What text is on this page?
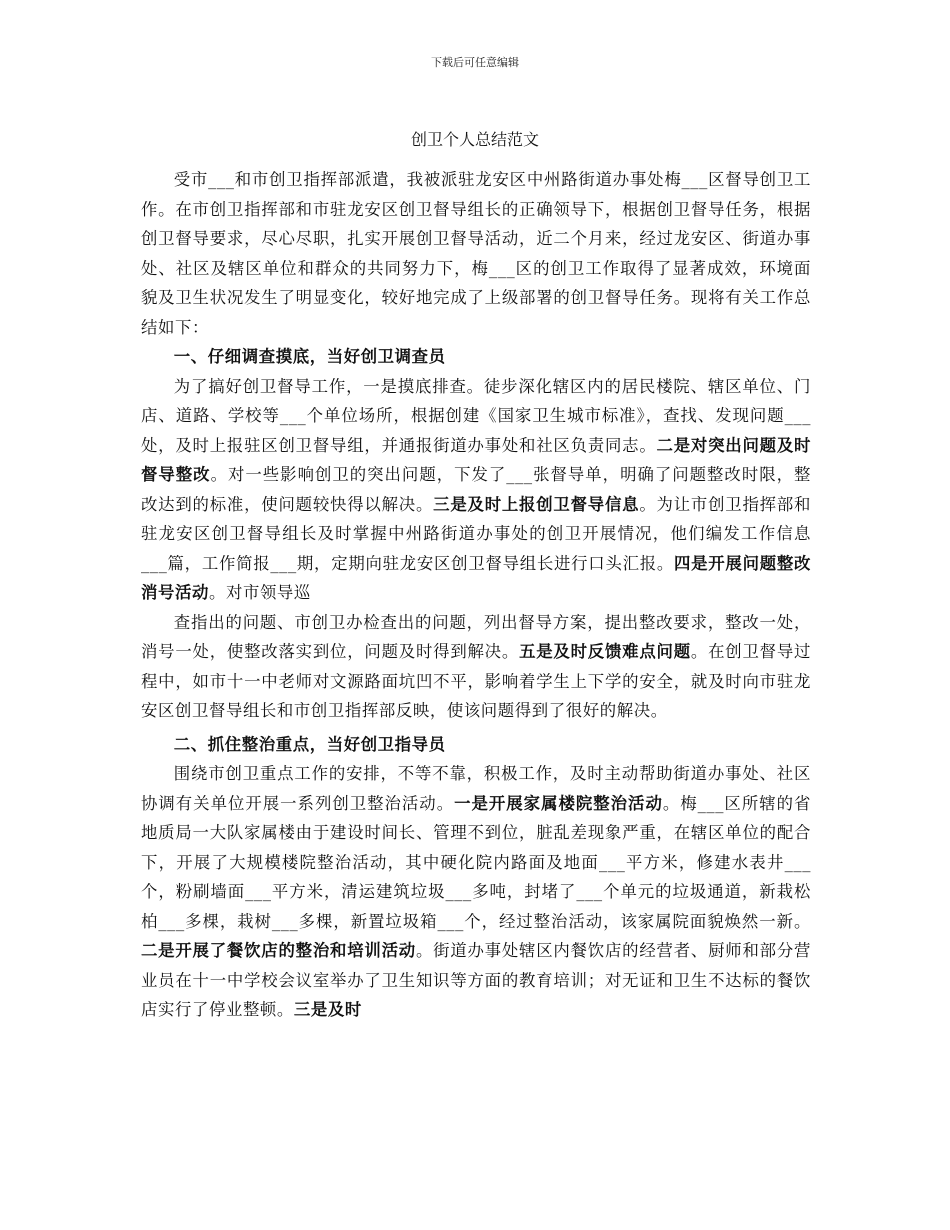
下载后可任意编辑
创卫个人总结范文

受市___和市创卫指挥部派遣，我被派驻龙安区中州路街道办事处梅___区督导创卫工作。在市创卫指挥部和市驻龙安区创卫督导组长的正确领导下，根据创卫督导任务，根据创卫督导要求，尽心尽职，扎实开展创卫督导活动，近二个月来，经过龙安区、街道办事处、社区及辖区单位和群众的共同努力下，梅___区的创卫工作取得了显著成效，环境面貌及卫生状况发生了明显变化，较好地完成了上级部署的创卫督导任务。现将有关工作总结如下：

一、仔细调查摸底，当好创卫调查员

为了搞好创卫督导工作，一是摸底排查。徒步深化辖区内的居民楼院、辖区单位、门店、道路、学校等___个单位场所，根据创建《国家卫生城市标准》，查找、发现问题___处，及时上报驻区创卫督导组，并通报街道办事处和社区负责同志。二是对突出问题及时督导整改。对一些影响创卫的突出问题，下发了___张督导单，明确了问题整改时限，整改达到的标准，使问题较快得以解决。三是及时上报创卫督导信息。为让市创卫指挥部和驻龙安区创卫督导组长及时掌握中州路街道办事处的创卫开展情况，他们编发工作信息___篇，工作简报___期，定期向驻龙安区创卫督导组长进行口头汇报。四是开展问题整改消号活动。对市领导巡

查指出的问题、市创卫办检查出的问题，列出督导方案，提出整改要求，整改一处，消号一处，使整改落实到位，问题及时得到解决。五是及时反馈难点问题。在创卫督导过程中，如市十一中老师对文源路面坑凹不平，影响着学生上下学的安全，就及时向市驻龙安区创卫督导组长和市创卫指挥部反映，使该问题得到了很好的解决。

二、抓住整治重点，当好创卫指导员

围绕市创卫重点工作的安排，不等不靠，积极工作，及时主动帮助街道办事处、社区协调有关单位开展一系列创卫整治活动。一是开展家属楼院整治活动。梅___区所辖的省地质局一大队家属楼由于建设时间长、管理不到位，脏乱差现象严重，在辖区单位的配合下，开展了大规模楼院整治活动，其中硬化院内路面及地面___平方米，修建水表井___个，粉刷墙面___平方米，清运建筑垃圾___多吨，封堵了___个单元的垃圾通道，新栽松柏___多棵，栽树___多棵，新置垃圾箱___个，经过整治活动，该家属院面貌焕然一新。二是开展了餐饮店的整治和培训活动。街道办事处辖区内餐饮店的经营者、厨师和部分营业员在十一中学校会议室举办了卫生知识等方面的教育培训；对无证和卫生不达标的餐饮店实行了停业整顿。三是及时
